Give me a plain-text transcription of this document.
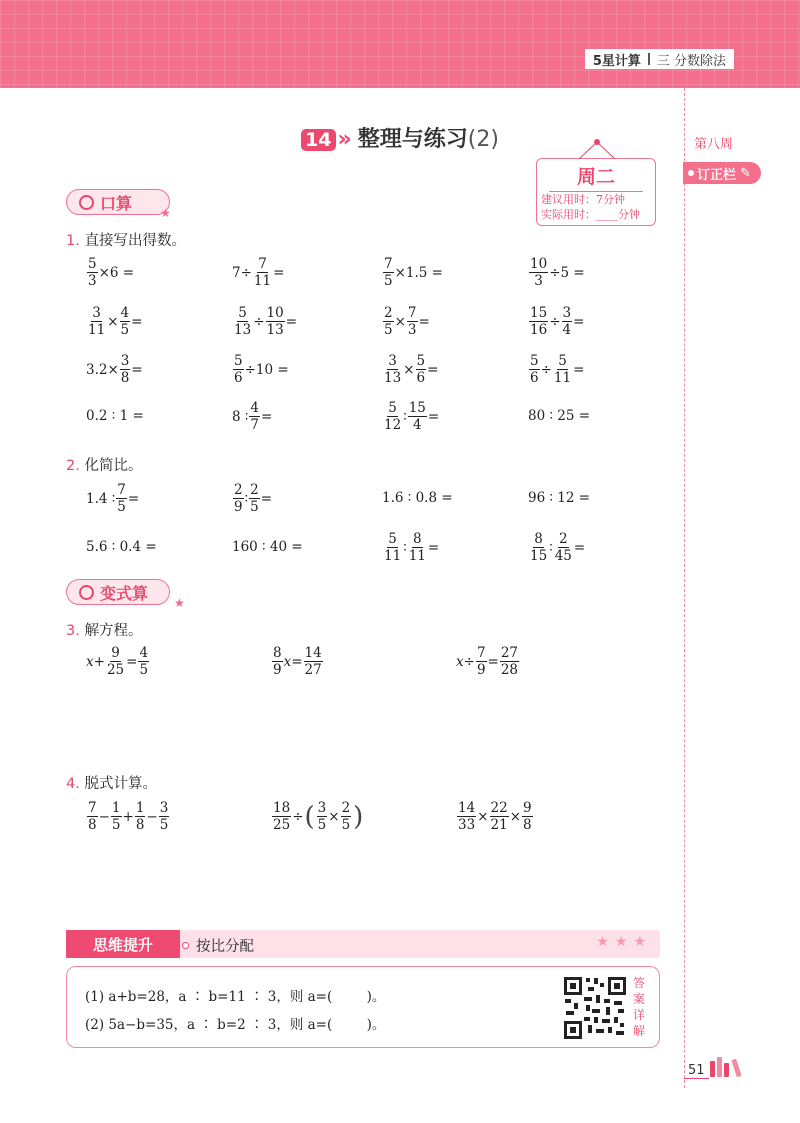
5星计算 三 分数除法
第八周
订正栏 ✎
14 » 整理与练习(2)
周二
建议用时：7分钟
实际用时：____分钟
口算
★
1. 直接写出得数。
$\frac{5}{3} \times 6$ =	$7\div \frac{7}{11}$ =	$\frac{7}{5} \times 1.5$ =	$\frac{10}{3} \div 5$ =
$\frac{3}{11} \times \frac{4}{5}$ =	$\frac{5}{13} \div \frac{10}{13}$ =	$\frac{2}{5} \times \frac{7}{3}$ =	$\frac{15}{16} \div \frac{3}{4}$ =
$3.2\times \frac{3}{8}$ =	$\frac{5}{6} \div 10$ =	$\frac{3}{13} \times \frac{5}{6}$ =	$\frac{5}{6} \div \frac{5}{11}$ =
0.2 ∶ 1 =	8 ∶ $\frac{4}{7}$ =	$\frac{5}{12}$ ∶ $\frac{15}{4}$ =	80 ∶ 25 =
2. 化简比。
1.4 ∶ $\frac{7}{5}$ =	$\frac{2}{9}$ ∶ $\frac{2}{5}$ =	1.6 ∶ 0.8 =	96 ∶ 12 =
5.6 ∶ 0.4 =	160 ∶ 40 =	$\frac{5}{11}$ ∶ $\frac{8}{11}$ =	$\frac{8}{15}$ ∶ $\frac{2}{45}$ =
变式算
★
3. 解方程。
$x + \frac{9}{25} = \frac{4}{5}$	$\frac{8}{9}$ $x = \frac{14}{27}$	$x \div \frac{7}{9} = \frac{27}{28}$
4. 脱式计算。
$\frac{7}{8} - \frac{1}{5} + \frac{1}{8} - \frac{3}{5}$	$\frac{18}{25}$ ÷ ( $\frac{3}{5} \times \frac{2}{5}$ )	$\frac{14}{33} \times \frac{22}{21} \times \frac{9}{8}$
思维提升	按比分配	★★★
(1) a+b=28，a ∶ b=11 ∶ 3，则 a=(        )。
(2) 5a−b=35，a ∶ b=2 ∶ 3，则 a=(        )。
答案详解
51
